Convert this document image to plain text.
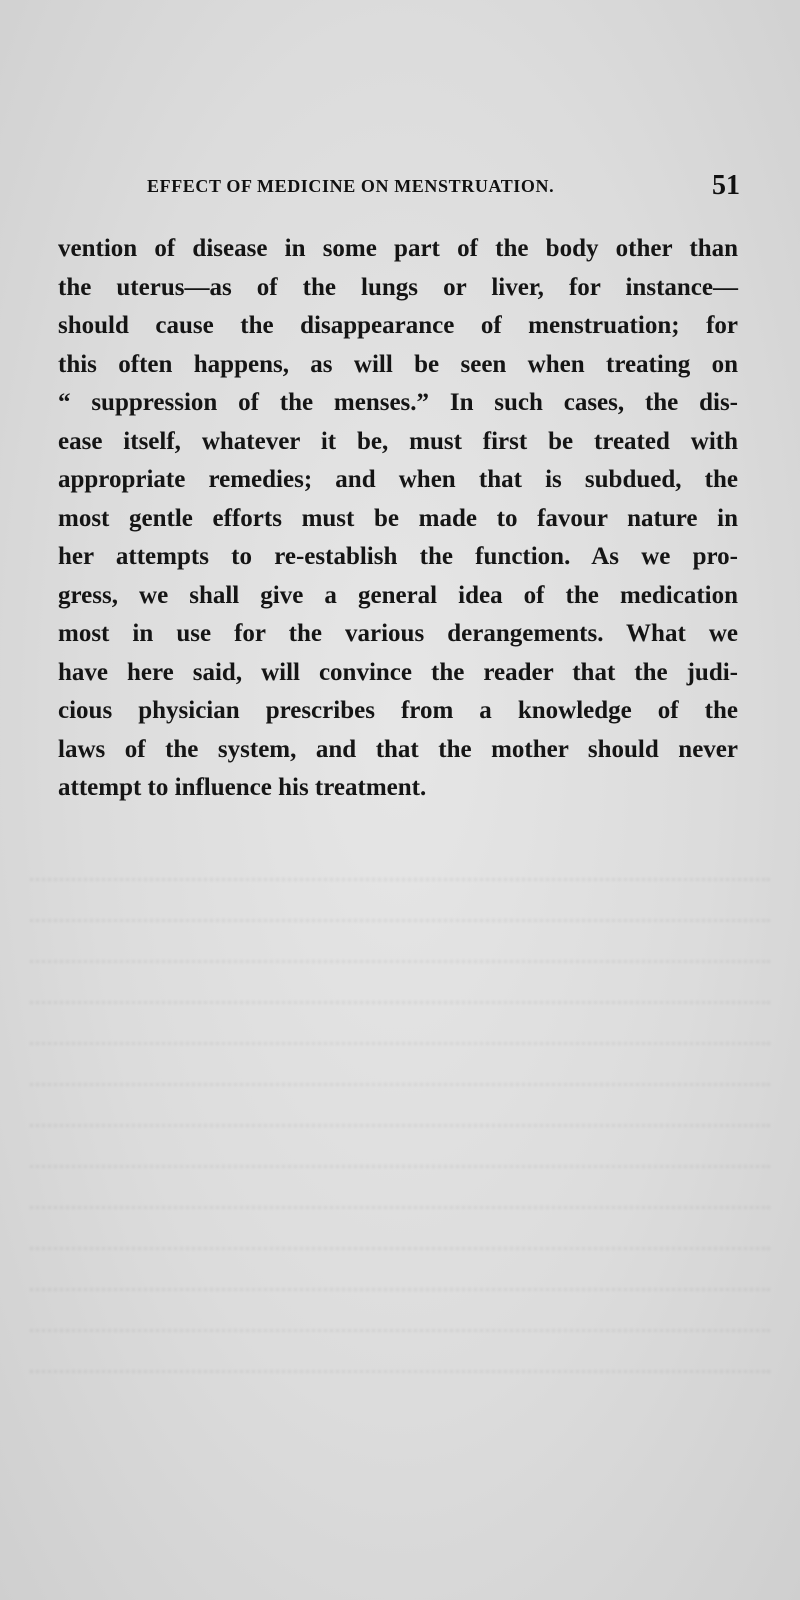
EFFECT OF MEDICINE ON MENSTRUATION.	51
vention of disease in some part of the body other than
the uterus—as of the lungs or liver, for instance—
should cause the disappearance of menstruation; for
this often happens, as will be seen when treating on
“ suppression of the menses.” In such cases, the dis-
ease itself, whatever it be, must first be treated with
appropriate remedies; and when that is subdued, the
most gentle efforts must be made to favour nature in
her attempts to re-establish the function. As we pro-
gress, we shall give a general idea of the medication
most in use for the various derangements. What we
have here said, will convince the reader that the judi-
cious physician prescribes from a knowledge of the
laws of the system, and that the mother should never
attempt to influence his treatment.
